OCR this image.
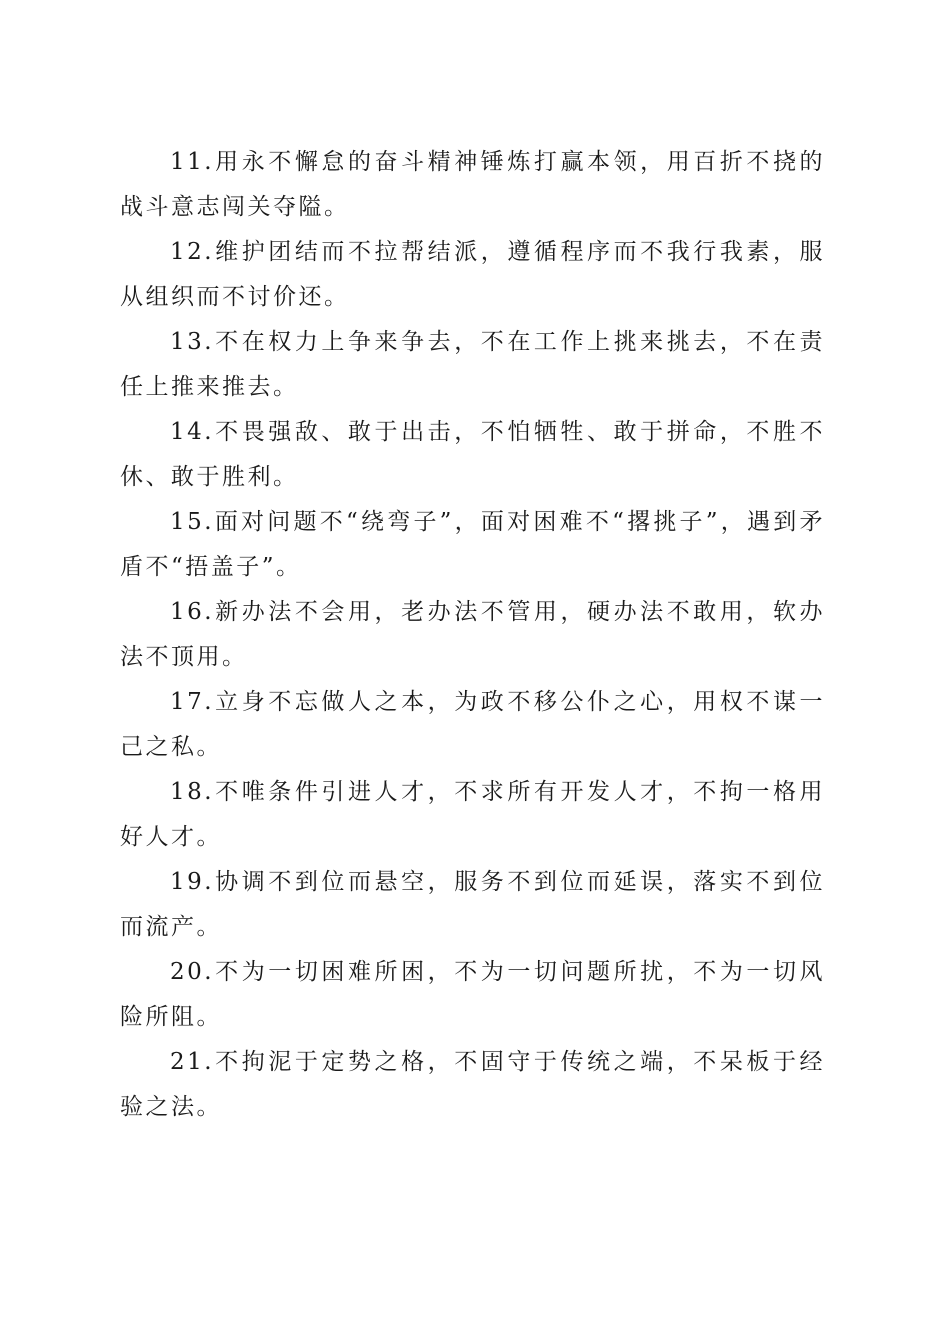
11.用永不懈怠的奋斗精神锤炼打赢本领，用百折不挠的战斗意志闯关夺隘。

12.维护团结而不拉帮结派，遵循程序而不我行我素，服从组织而不讨价还。

13.不在权力上争来争去，不在工作上挑来挑去，不在责任上推来推去。

14.不畏强敌、敢于出击，不怕牺牲、敢于拼命，不胜不休、敢于胜利。

15.面对问题不“绕弯子”，面对困难不“撂挑子”，遇到矛盾不“捂盖子”。

16.新办法不会用，老办法不管用，硬办法不敢用，软办法不顶用。

17.立身不忘做人之本，为政不移公仆之心，用权不谋一己之私。

18.不唯条件引进人才，不求所有开发人才，不拘一格用好人才。

19.协调不到位而悬空，服务不到位而延误，落实不到位而流产。

20.不为一切困难所困，不为一切问题所扰，不为一切风险所阻。

21.不拘泥于定势之格，不固守于传统之端，不呆板于经验之法。
